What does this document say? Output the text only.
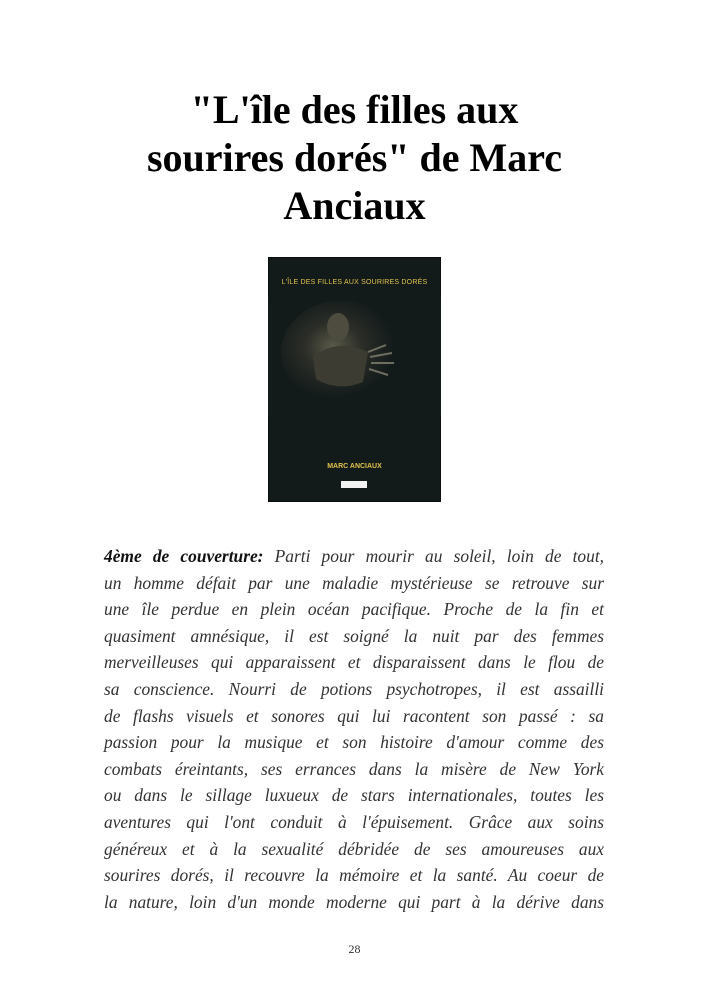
"L'île des filles aux
sourires dorés" de Marc
Anciaux
L'ÎLE DES FILLES AUX SOURIRES DORÉS
MARC ANCIAUX
4ème de couverture: Parti pour mourir au soleil, loin de tout,
un homme défait par une maladie mystérieuse se retrouve sur
une île perdue en plein océan pacifique. Proche de la fin et
quasiment amnésique, il est soigné la nuit par des femmes
merveilleuses qui apparaissent et disparaissent dans le flou de
sa conscience. Nourri de potions psychotropes, il est assailli
de flashs visuels et sonores qui lui racontent son passé : sa
passion pour la musique et son histoire d'amour comme des
combats éreintants, ses errances dans la misère de New York
ou dans le sillage luxueux de stars internationales, toutes les
aventures qui l'ont conduit à l'épuisement. Grâce aux soins
généreux et à la sexualité débridée de ses amoureuses aux
sourires dorés, il recouvre la mémoire et la santé. Au coeur de
la nature, loin d'un monde moderne qui part à la dérive dans
28
